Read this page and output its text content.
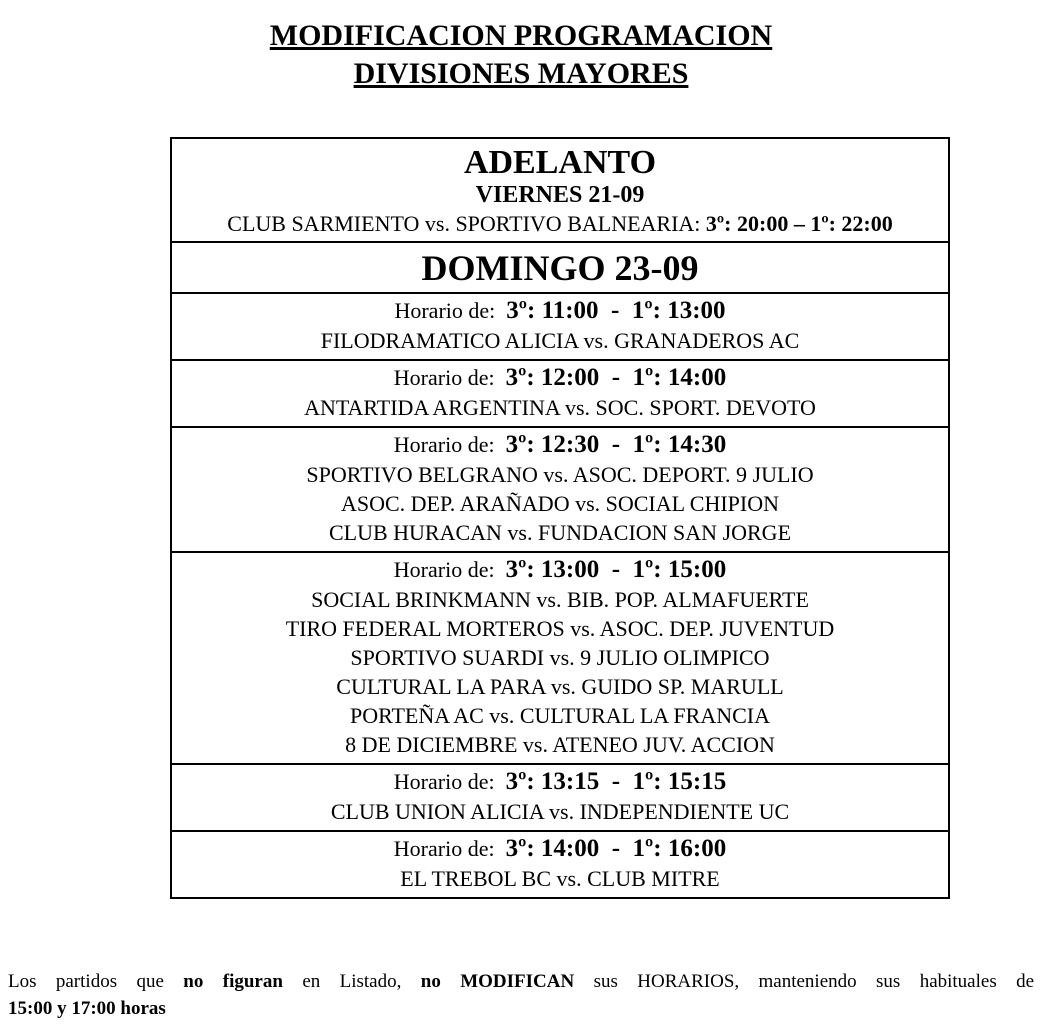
MODIFICACION PROGRAMACION
DIVISIONES MAYORES
ADELANTO
VIERNES 21-09
CLUB SARMIENTO vs. SPORTIVO BALNEARIA: 3º: 20:00 – 1º: 22:00
DOMINGO 23-09
Horario de: 3º: 11:00  -  1º: 13:00
FILODRAMATICO ALICIA vs. GRANADEROS AC
Horario de: 3º: 12:00  -  1º: 14:00
ANTARTIDA ARGENTINA vs. SOC. SPORT. DEVOTO
Horario de: 3º: 12:30  -  1º: 14:30
SPORTIVO BELGRANO vs. ASOC. DEPORT. 9 JULIO
ASOC. DEP. ARAÑADO vs. SOCIAL CHIPION
CLUB HURACAN vs. FUNDACION SAN JORGE
Horario de: 3º: 13:00  -  1º: 15:00
SOCIAL BRINKMANN vs. BIB. POP. ALMAFUERTE
TIRO FEDERAL MORTEROS vs. ASOC. DEP. JUVENTUD
SPORTIVO SUARDI vs. 9 JULIO OLIMPICO
CULTURAL LA PARA vs. GUIDO SP. MARULL
PORTEÑA AC vs. CULTURAL LA FRANCIA
8 DE DICIEMBRE vs. ATENEO JUV. ACCION
Horario de: 3º: 13:15  -  1º: 15:15
CLUB UNION ALICIA vs. INDEPENDIENTE UC
Horario de: 3º: 14:00  -  1º: 16:00
EL TREBOL BC vs. CLUB MITRE
Los partidos que no figuran en Listado, no MODIFICAN sus HORARIOS, manteniendo sus habituales de
15:00 y 17:00 horas
